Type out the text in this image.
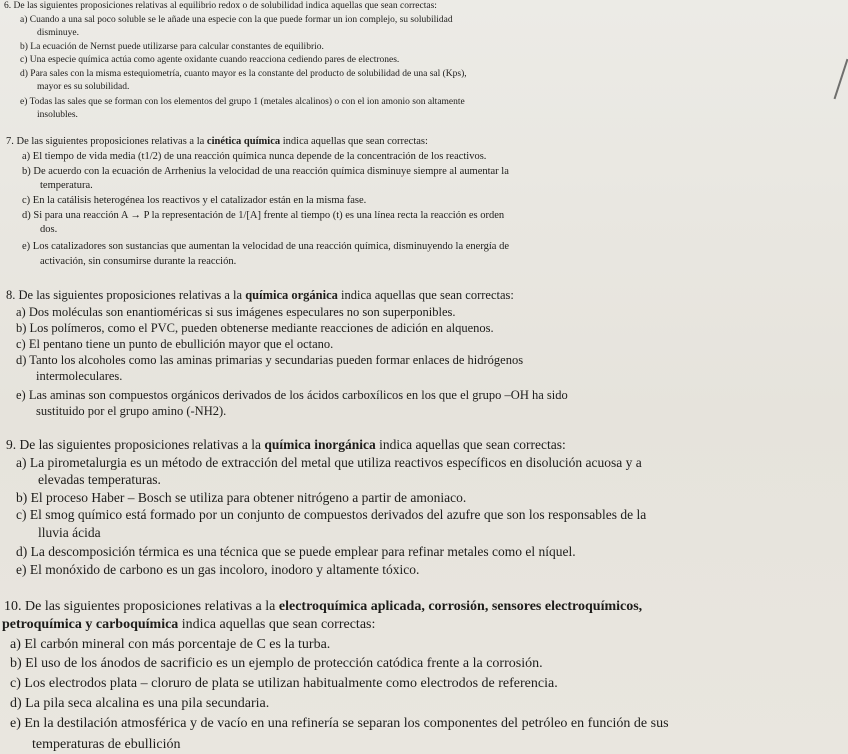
6. De las siguientes proposiciones relativas al equilibrio redox o de solubilidad indica aquellas que sean correctas:
a) Cuando a una sal poco soluble se le añade una especie con la que puede formar un ion complejo, su solubilidad
disminuye.
b) La ecuación de Nernst puede utilizarse para calcular constantes de equilibrio.
c) Una especie química actúa como agente oxidante cuando reacciona cediendo pares de electrones.
d) Para sales con la misma estequiometría, cuanto mayor es la constante del producto de solubilidad de una sal (Kps),
mayor es su solubilidad.
e) Todas las sales que se forman con los elementos del grupo 1 (metales alcalinos) o con el ion amonio son altamente
insolubles.
7. De las siguientes proposiciones relativas a la cinética química indica aquellas que sean correctas:
a) El tiempo de vida media (t1/2) de una reacción química nunca depende de la concentración de los reactivos.
b) De acuerdo con la ecuación de Arrhenius la velocidad de una reacción química disminuye siempre al aumentar la
temperatura.
c) En la catálisis heterogénea los reactivos y el catalizador están en la misma fase.
d) Si para una reacción A → P la representación de 1/[A] frente al tiempo (t) es una línea recta la reacción es orden
dos.
e) Los catalizadores son sustancias que aumentan la velocidad de una reacción química, disminuyendo la energía de
activación, sin consumirse durante la reacción.
8. De las siguientes proposiciones relativas a la química orgánica indica aquellas que sean correctas:
a) Dos moléculas son enantioméricas si sus imágenes especulares no son superponibles.
b) Los polímeros, como el PVC, pueden obtenerse mediante reacciones de adición en alquenos.
c) El pentano tiene un punto de ebullición mayor que el octano.
d) Tanto los alcoholes como las aminas primarias y secundarias pueden formar enlaces de hidrógenos
intermoleculares.
e) Las aminas son compuestos orgánicos derivados de los ácidos carboxílicos en los que el grupo –OH ha sido
sustituido por el grupo amino (-NH2).
9. De las siguientes proposiciones relativas a la química inorgánica indica aquellas que sean correctas:
a) La pirometalurgia es un método de extracción del metal que utiliza reactivos específicos en disolución acuosa y a
elevadas temperaturas.
b) El proceso Haber – Bosch se utiliza para obtener nitrógeno a partir de amoniaco.
c) El smog químico está formado por un conjunto de compuestos derivados del azufre que son los responsables de la
lluvia ácida
d) La descomposición térmica es una técnica que se puede emplear para refinar metales como el níquel.
e) El monóxido de carbono es un gas incoloro, inodoro y altamente tóxico.
10. De las siguientes proposiciones relativas a la electroquímica aplicada, corrosión, sensores electroquímicos,
petroquímica y carboquímica indica aquellas que sean correctas:
a) El carbón mineral con más porcentaje de C es la turba.
b) El uso de los ánodos de sacrificio es un ejemplo de protección catódica frente a la corrosión.
c) Los electrodos plata – cloruro de plata se utilizan habitualmente como electrodos de referencia.
d) La pila seca alcalina es una pila secundaria.
e) En la destilación atmosférica y de vacío en una refinería se separan los componentes del petróleo en función de sus
temperaturas de ebullición
